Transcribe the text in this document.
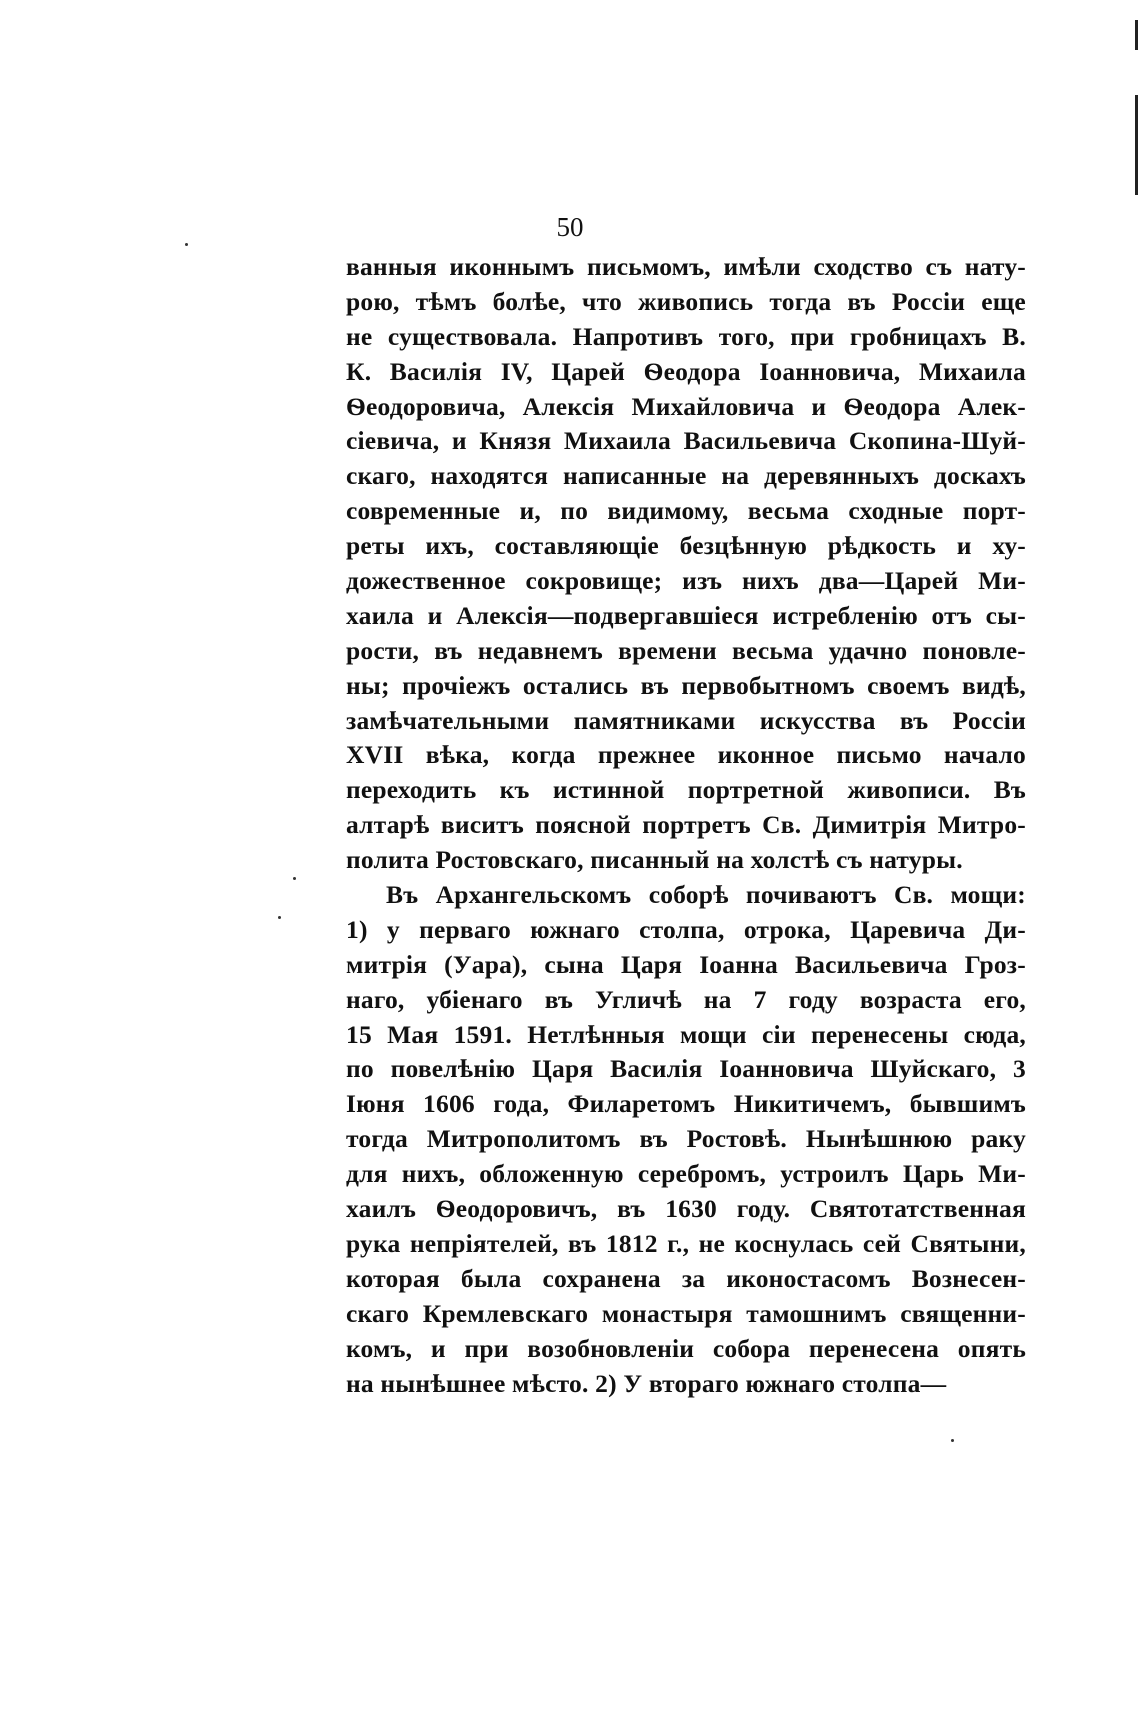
50
ванныя иконнымъ письмомъ, имѣли сходство съ нату-
рою, тѣмъ болѣе, что живопись тогда въ Россіи еще
не существовала. Напротивъ того, при гробницахъ В.
К. Василія IV, Царей Ѳеодора Іоанновича, Михаила
Ѳеодоровича, Алексія Михайловича и Ѳеодора Алек-
сіевича, и Князя Михаила Васильевича Скопина-Шуй-
скаго, находятся написанные на деревянныхъ доскахъ
современные и, по видимому, весьма сходные порт-
реты ихъ, составляющіе безцѣнную рѣдкость и ху-
дожественное сокровище; изъ нихъ два—Царей Ми-
хаила и Алексія—подвергавшіеся истребленію отъ сы-
рости, въ недавнемъ времени весьма удачно поновле-
ны; прочіежъ остались въ первобытномъ своемъ видѣ,
замѣчательными памятниками искусства въ Россіи
XVII вѣка, когда прежнее иконное письмо начало
переходить къ истинной портретной живописи. Въ
алтарѣ виситъ поясной портретъ Св. Димитрія Митро-
полита Ростовскаго, писанный на холстѣ съ натуры.
Въ Архангельскомъ соборѣ почиваютъ Св. мощи:
1) у перваго южнаго столпа, отрока, Царевича Ди-
митрія (Уара), сына Царя Іоанна Васильевича Гроз-
наго, убіенаго въ Угличѣ на 7 году возраста его,
15 Мая 1591. Нетлѣнныя мощи сіи перенесены сюда,
по повелѣнію Царя Василія Іоанновича Шуйскаго, 3
Іюня 1606 года, Филаретомъ Никитичемъ, бывшимъ
тогда Митрополитомъ въ Ростовѣ. Нынѣшнюю раку
для нихъ, обложенную серебромъ, устроилъ Царь Ми-
хаилъ Ѳеодоровичъ, въ 1630 году. Святотатственная
рука непріятелей, въ 1812 г., не коснулась сей Святыни,
которая была сохранена за иконостасомъ Вознесен-
скаго Кремлевскаго монастыря тамошнимъ священни-
комъ, и при возобновленіи собора перенесена опять
на нынѣшнее мѣсто. 2) У втораго южнаго столпа—
